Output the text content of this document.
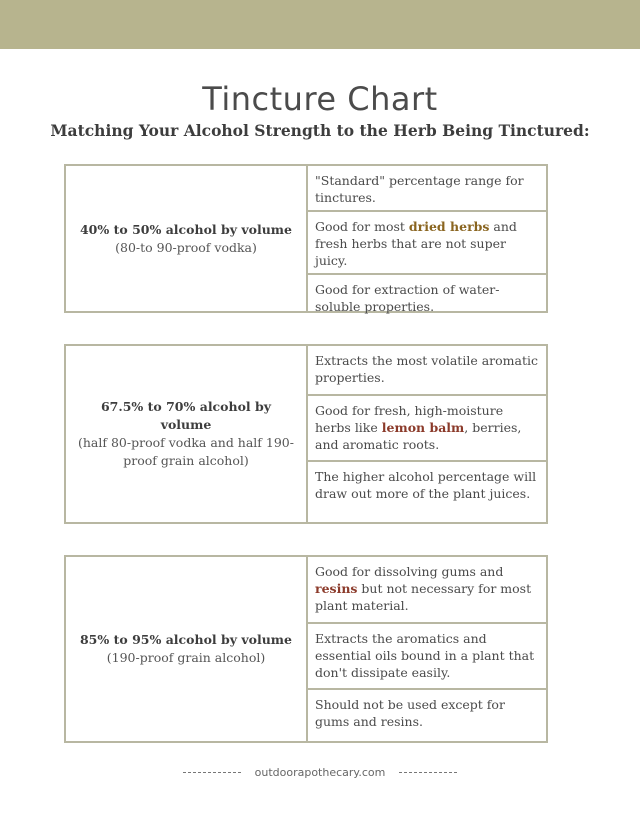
Tincture Chart
Matching Your Alcohol Strength to the Herb Being Tinctured:
40% to 50% alcohol by volume (80-to 90-proof vodka)
"Standard" percentage range for tinctures.
Good for most dried herbs and fresh herbs that are not super juicy.
Good for extraction of water-soluble properties.
67.5% to 70% alcohol by volume
(half 80-proof vodka and half 190-proof grain alcohol)
Extracts the most volatile aromatic properties.
Good for fresh, high-moisture herbs like lemon balm, berries, and aromatic roots.
The higher alcohol percentage will draw out more of the plant juices.
85% to 95% alcohol by volume
(190-proof grain alcohol)
Good for dissolving gums and resins but not necessary for most plant material.
Extracts the aromatics and essential oils bound in a plant that don't dissipate easily.
Should not be used except for gums and resins.
outdoorapothecary.com
